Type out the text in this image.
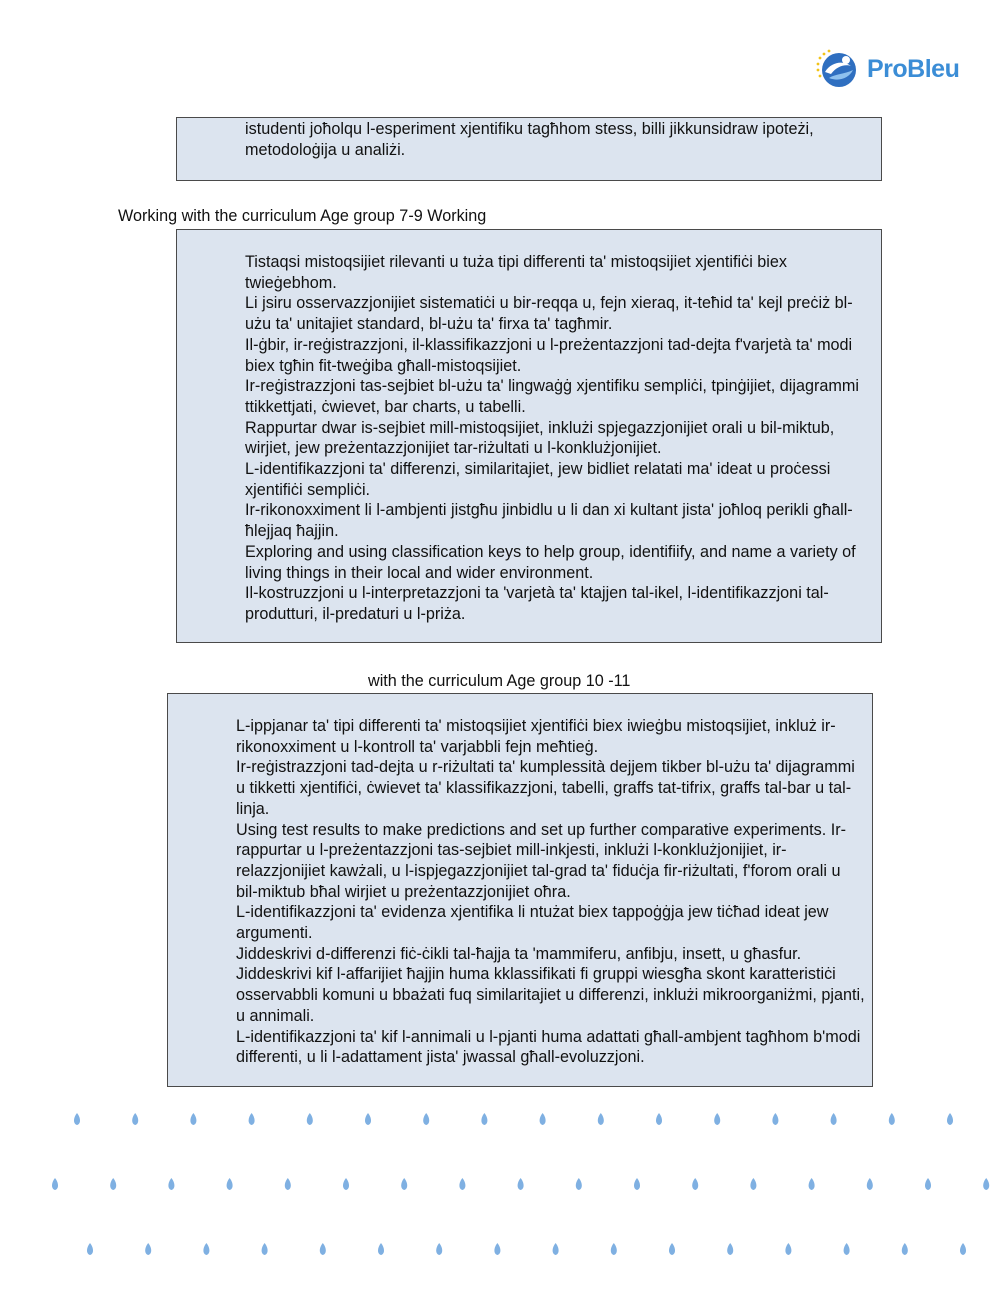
ProBleu

istudenti joħolqu l-esperiment xjentifiku tagħhom stess, billi jikkunsidraw ipoteżi, metodoloġija u analiżi.

Working with the curriculum Age group 7-9 Working

Tistaqsi mistoqsijiet rilevanti u tuża tipi differenti ta' mistoqsijiet xjentifiċi biex twieġebhom.

Li jsiru osservazzjonijiet sistematiċi u bir-reqqa u, fejn xieraq, it-teħid ta' kejl preċiż bl-użu ta' unitajiet standard, bl-użu ta' firxa ta' tagħmir.

Il-ġbir, ir-reġistrazzjoni, il-klassifikazzjoni u l-preżentazzjoni tad-dejta f'varjetà ta' modi biex tgħin fit-tweġiba għall-mistoqsijiet.

Ir-reġistrazzjoni tas-sejbiet bl-użu ta' lingwaġġ xjentifiku sempliċi, tpinġijiet, dijagrammi ttikkettjati, ċwievet, bar charts, u tabelli.

Rappurtar dwar is-sejbiet mill-mistoqsijiet, inklużi spjegazzjonijiet orali u bil-miktub, wirjiet, jew preżentazzjonijiet tar-riżultati u l-konklużjonijiet.

L-identifikazzjoni ta' differenzi, similaritajiet, jew bidliet relatati ma' ideat u proċessi xjentifiċi sempliċi.

Ir-rikonoxximent li l-ambjenti jistgħu jinbidlu u li dan xi kultant jista' joħloq perikli għall-ħlejjaq ħajjin.

Exploring and using classification keys to help group, identifiify, and name a variety of living things in their local and wider environment.

Il-kostruzzjoni u l-interpretazzjoni ta 'varjetà ta' ktajjen tal-ikel, l-identifikazzjoni tal-produtturi, il-predaturi u l-priża.

with the curriculum Age group 10 -11

L-ippjanar ta' tipi differenti ta' mistoqsijiet xjentifiċi biex iwieġbu mistoqsijiet, inkluż ir-rikonoxximent u l-kontroll ta' varjabbli fejn meħtieġ.

Ir-reġistrazzjoni tad-dejta u r-riżultati ta' kumplessità dejjem tikber bl-użu ta' dijagrammi u tikketti xjentifiċi, ċwievet ta' klassifikazzjoni, tabelli, graffs tat-tifrix, graffs tal-bar u tal-linja.

Using test results to make predictions and set up further comparative experiments. Ir-rappurtar u l-preżentazzjoni tas-sejbiet mill-inkjesti, inklużi l-konklużjonijiet, ir-relazzjonijiet kawżali, u l-ispjegazzjonijiet tal-grad ta' fiduċja fir-riżultati, f'forom orali u bil-miktub bħal wirjiet u preżentazzjonijiet oħra.

L-identifikazzjoni ta' evidenza xjentifika li ntużat biex tappoġġja jew tiċħad ideat jew argumenti.

Jiddeskrivi d-differenzi fiċ-ċikli tal-ħajja ta 'mammiferu, anfibju, insett, u għasfur.

Jiddeskrivi kif l-affarijiet ħajjin huma kklassifikati fi gruppi wiesgħa skont karatteristiċi osservabbli komuni u bbażati fuq similaritajiet u differenzi, inklużi mikroorganiżmi, pjanti, u annimali.

L-identifikazzjoni ta' kif l-annimali u l-pjanti huma adattati għall-ambjent tagħhom b'modi differenti, u li l-adattament jista' jwassal għall-evoluzzjoni.
